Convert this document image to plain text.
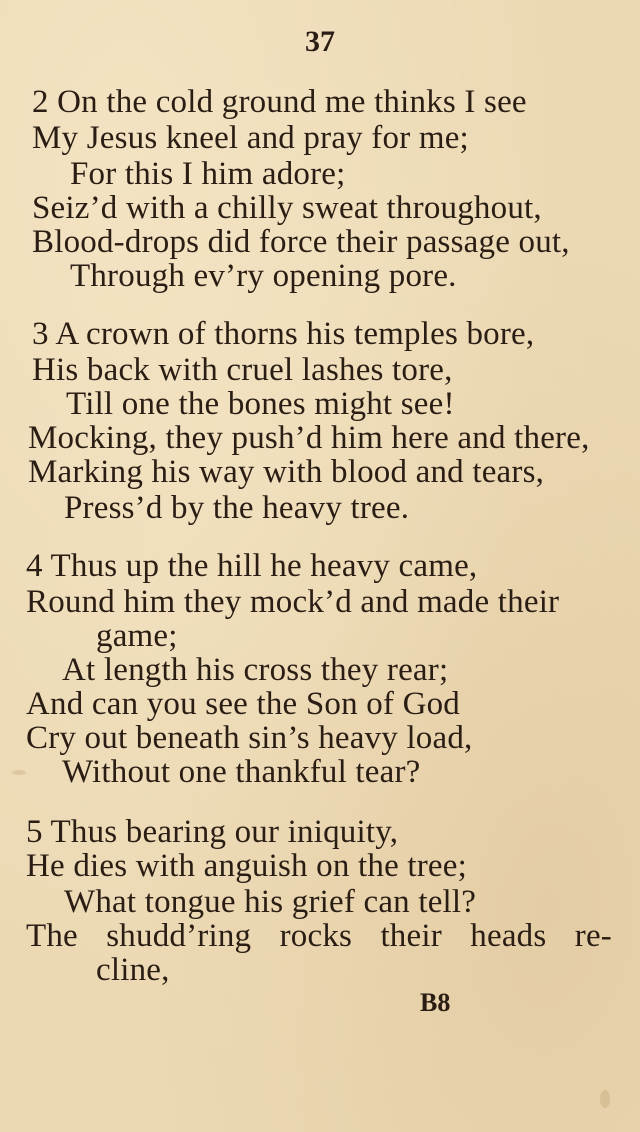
37
2 On the cold ground me thinks I see
My Jesus kneel and pray for me;
For this I him adore;
Seiz’d with a chilly sweat throughout,
Blood-drops did force their passage out,
Through ev’ry opening pore.
3 A crown of thorns his temples bore,
His back with cruel lashes tore,
Till one the bones might see!
Mocking, they push’d him here and there,
Marking his way with blood and tears,
Press’d by the heavy tree.
4 Thus up the hill he heavy came,
Round him they mock’d and made their
game;
At length his cross they rear;
And can you see the Son of God
Cry out beneath sin’s heavy load,
Without one thankful tear?
5 Thus bearing our iniquity,
He dies with anguish on the tree;
What tongue his grief can tell?
The shudd’ring rocks their heads re-
cline,
B8
